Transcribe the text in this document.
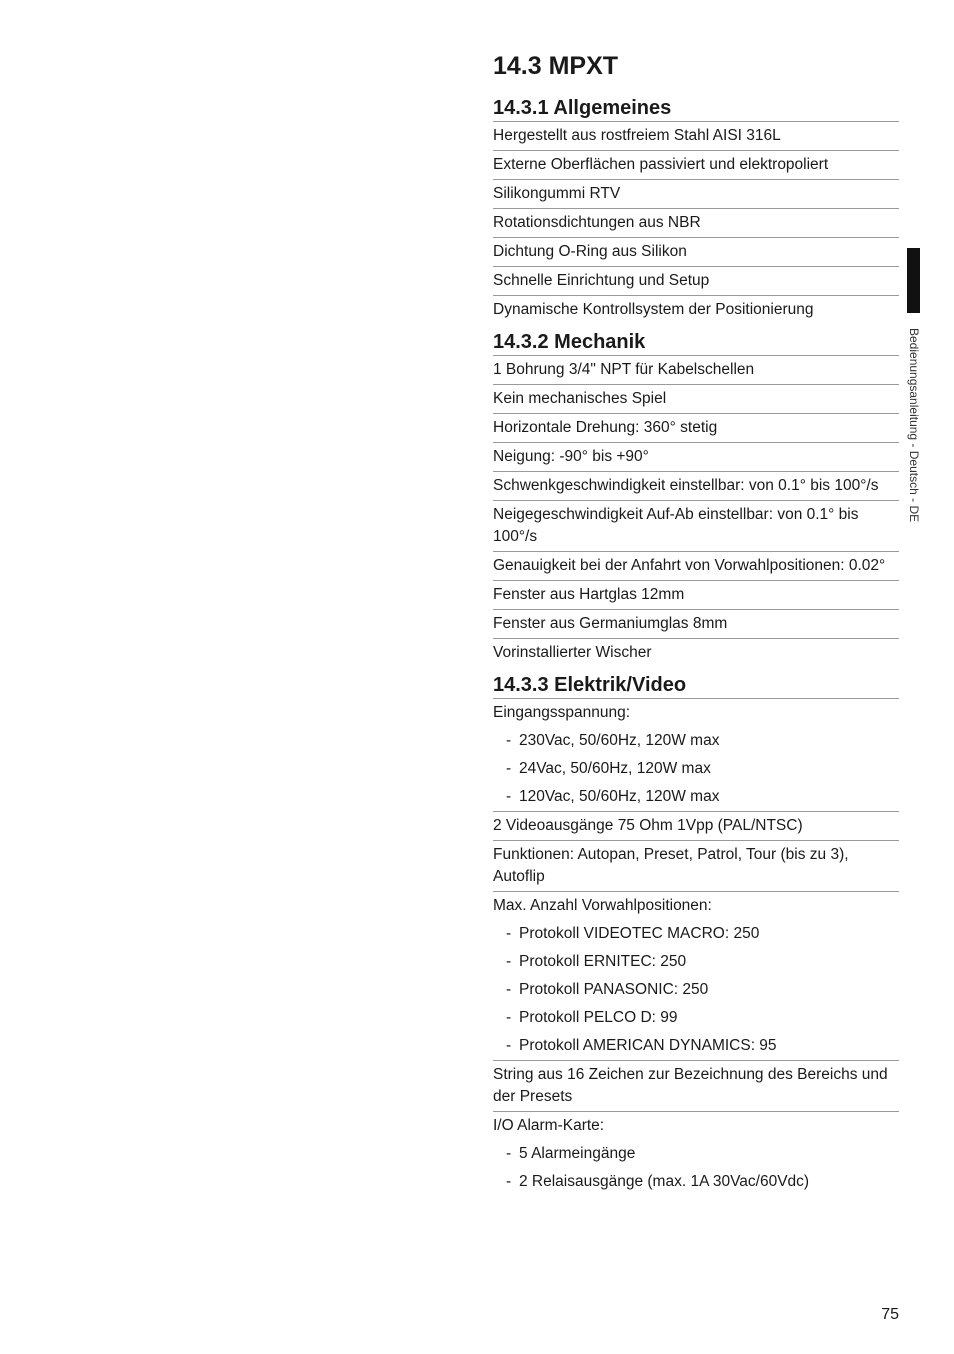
Bedienungsanleitung - Deutsch - DE
14.3 MPXT
14.3.1 Allgemeines
Hergestellt aus rostfreiem Stahl AISI 316L
Externe Oberflächen passiviert und elektropoliert
Silikongummi RTV
Rotationsdichtungen aus NBR
Dichtung O-Ring aus Silikon
Schnelle Einrichtung und Setup
Dynamische Kontrollsystem der Positionierung
14.3.2 Mechanik
1 Bohrung 3/4" NPT für Kabelschellen
Kein mechanisches Spiel
Horizontale Drehung: 360° stetig
Neigung: -90° bis +90°
Schwenkgeschwindigkeit einstellbar: von 0.1° bis 100°/s
Neigegeschwindigkeit Auf-Ab einstellbar: von 0.1° bis 100°/s
Genauigkeit bei der Anfahrt von Vorwahlpositionen: 0.02°
Fenster aus Hartglas 12mm
Fenster aus Germaniumglas 8mm
Vorinstallierter Wischer
14.3.3 Elektrik/Video
Eingangsspannung:
- 230Vac, 50/60Hz, 120W max
- 24Vac, 50/60Hz, 120W max
- 120Vac, 50/60Hz, 120W max
2 Videoausgänge 75 Ohm 1Vpp (PAL/NTSC)
Funktionen: Autopan, Preset, Patrol, Tour (bis zu 3), Autoflip
Max. Anzahl Vorwahlpositionen:
- Protokoll VIDEOTEC MACRO: 250
- Protokoll ERNITEC: 250
- Protokoll PANASONIC: 250
- Protokoll PELCO D: 99
- Protokoll AMERICAN DYNAMICS: 95
String aus 16 Zeichen zur Bezeichnung des Bereichs und der Presets
I/O Alarm-Karte:
- 5 Alarmeingänge
- 2 Relaisausgänge (max. 1A 30Vac/60Vdc)
75
